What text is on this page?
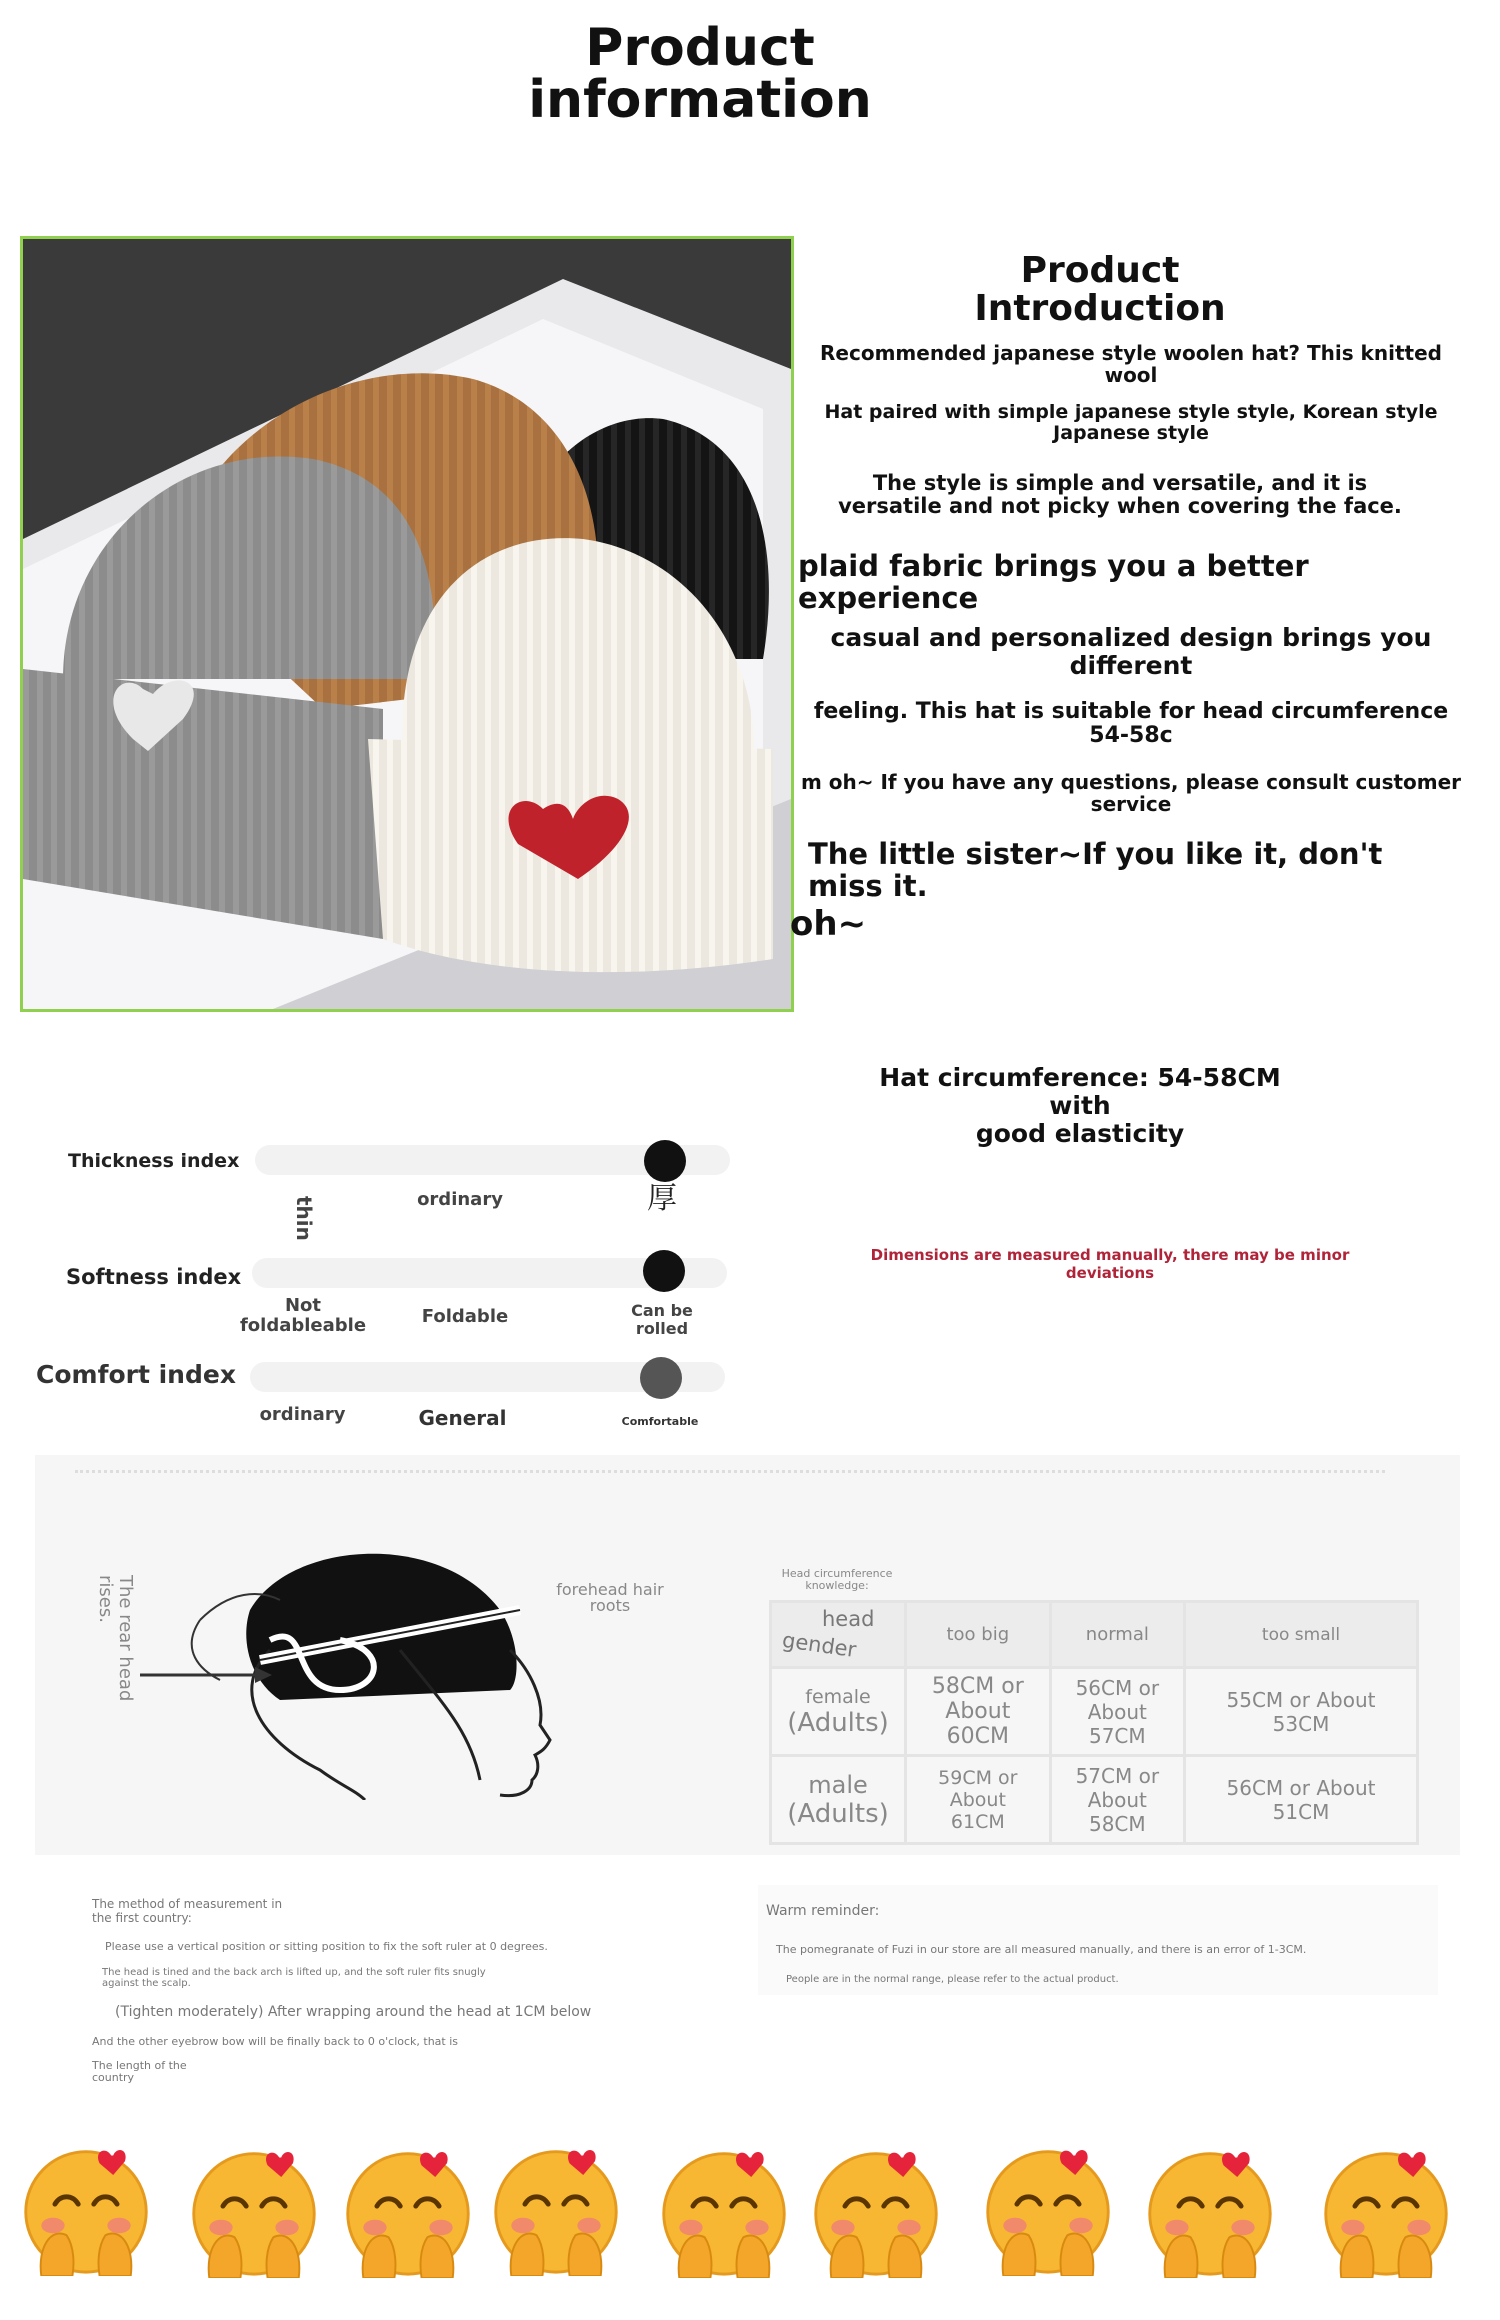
Product
information
Product
Introduction
Recommended japanese style woolen hat? This knitted wool
Hat paired with simple japanese style style, Korean style Japanese style
The style is simple and versatile, and it is versatile and not picky when covering the face.
plaid fabric brings you a better experience
casual and personalized design brings you different
feeling. This hat is suitable for head circumference 54-58c
m oh~ If you have any questions, please consult customer service
The little sister~If you like it, don't miss it.
oh~
Hat circumference: 54-58CM with
good elasticity
Dimensions are measured manually, there may be minor deviations
Thickness index
thin	ordinary	厚
Softness index
Not foldableable	Foldable	Can be rolled
Comfort index
ordinary	General	Comfortable
The rear head rises.	forehead hair roots
The method of measurement in the first country:
Please use a vertical position or sitting position to fix the soft ruler at 0 degrees.
The head is tined and the back arch is lifted up, and the soft ruler fits snugly against the scalp.
(Tighten moderately) After wrapping around the head at 1CM below
And the other eyebrow bow will be finally back to 0 o'clock, that is
The length of the country
Head circumference knowledge:
head
gender	too big	normal	too small

female
(Adults)	58CM or About 60CM	56CM or About 57CM	55CM or About 53CM

male
(Adults)	59CM or About 61CM	57CM or About 58CM	56CM or About 51CM
Warm reminder:
The pomegranate of Fuzi in our store are all measured manually, and there is an error of 1-3CM.
People are in the normal range, please refer to the actual product.
